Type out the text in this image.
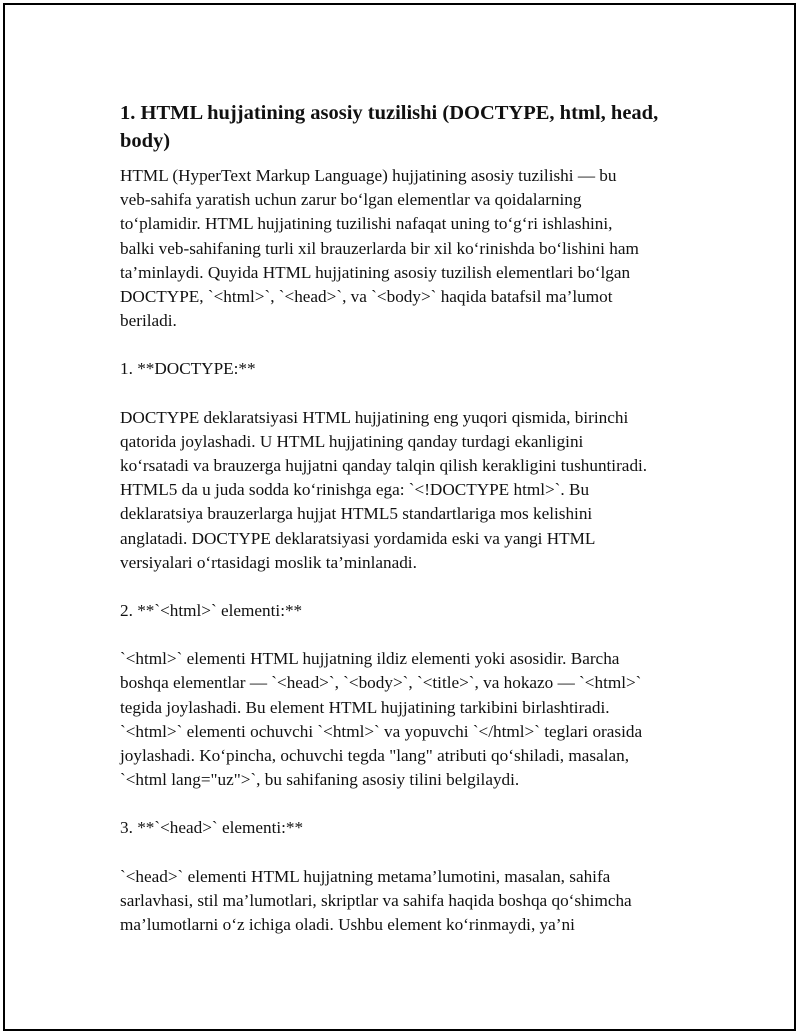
1. HTML hujjatining asosiy tuzilishi (DOCTYPE, html, head,
body)

HTML (HyperText Markup Language) hujjatining asosiy tuzilishi — bu
veb-sahifa yaratish uchun zarur bo‘lgan elementlar va qoidalarning
to‘plamidir. HTML hujjatining tuzilishi nafaqat uning to‘g‘ri ishlashini,
balki veb-sahifaning turli xil brauzerlarda bir xil ko‘rinishda bo‘lishini ham
ta’minlaydi. Quyida HTML hujjatining asosiy tuzilish elementlari bo‘lgan
DOCTYPE, `<html>`, `<head>`, va `<body>` haqida batafsil ma’lumot
beriladi.

1. **DOCTYPE:**

DOCTYPE deklaratsiyasi HTML hujjatining eng yuqori qismida, birinchi
qatorida joylashadi. U HTML hujjatining qanday turdagi ekanligini
ko‘rsatadi va brauzerga hujjatni qanday talqin qilish kerakligini tushuntiradi.
HTML5 da u juda sodda ko‘rinishga ega: `<!DOCTYPE html>`. Bu
deklaratsiya brauzerlarga hujjat HTML5 standartlariga mos kelishini
anglatadi. DOCTYPE deklaratsiyasi yordamida eski va yangi HTML
versiyalari o‘rtasidagi moslik ta’minlanadi.

2. **`<html>` elementi:**

`<html>` elementi HTML hujjatning ildiz elementi yoki asosidir. Barcha
boshqa elementlar — `<head>`, `<body>`, `<title>`, va hokazo — `<html>`
tegida joylashadi. Bu element HTML hujjatining tarkibini birlashtiradi.
`<html>` elementi ochuvchi `<html>` va yopuvchi `</html>` teglari orasida
joylashadi. Ko‘pincha, ochuvchi tegda "lang" atributi qo‘shiladi, masalan,
`<html lang="uz">`, bu sahifaning asosiy tilini belgilaydi.

3. **`<head>` elementi:**

`<head>` elementi HTML hujjatning metama’lumotini, masalan, sahifa
sarlavhasi, stil ma’lumotlari, skriptlar va sahifa haqida boshqa qo‘shimcha
ma’lumotlarni o‘z ichiga oladi. Ushbu element ko‘rinmaydi, ya’ni
